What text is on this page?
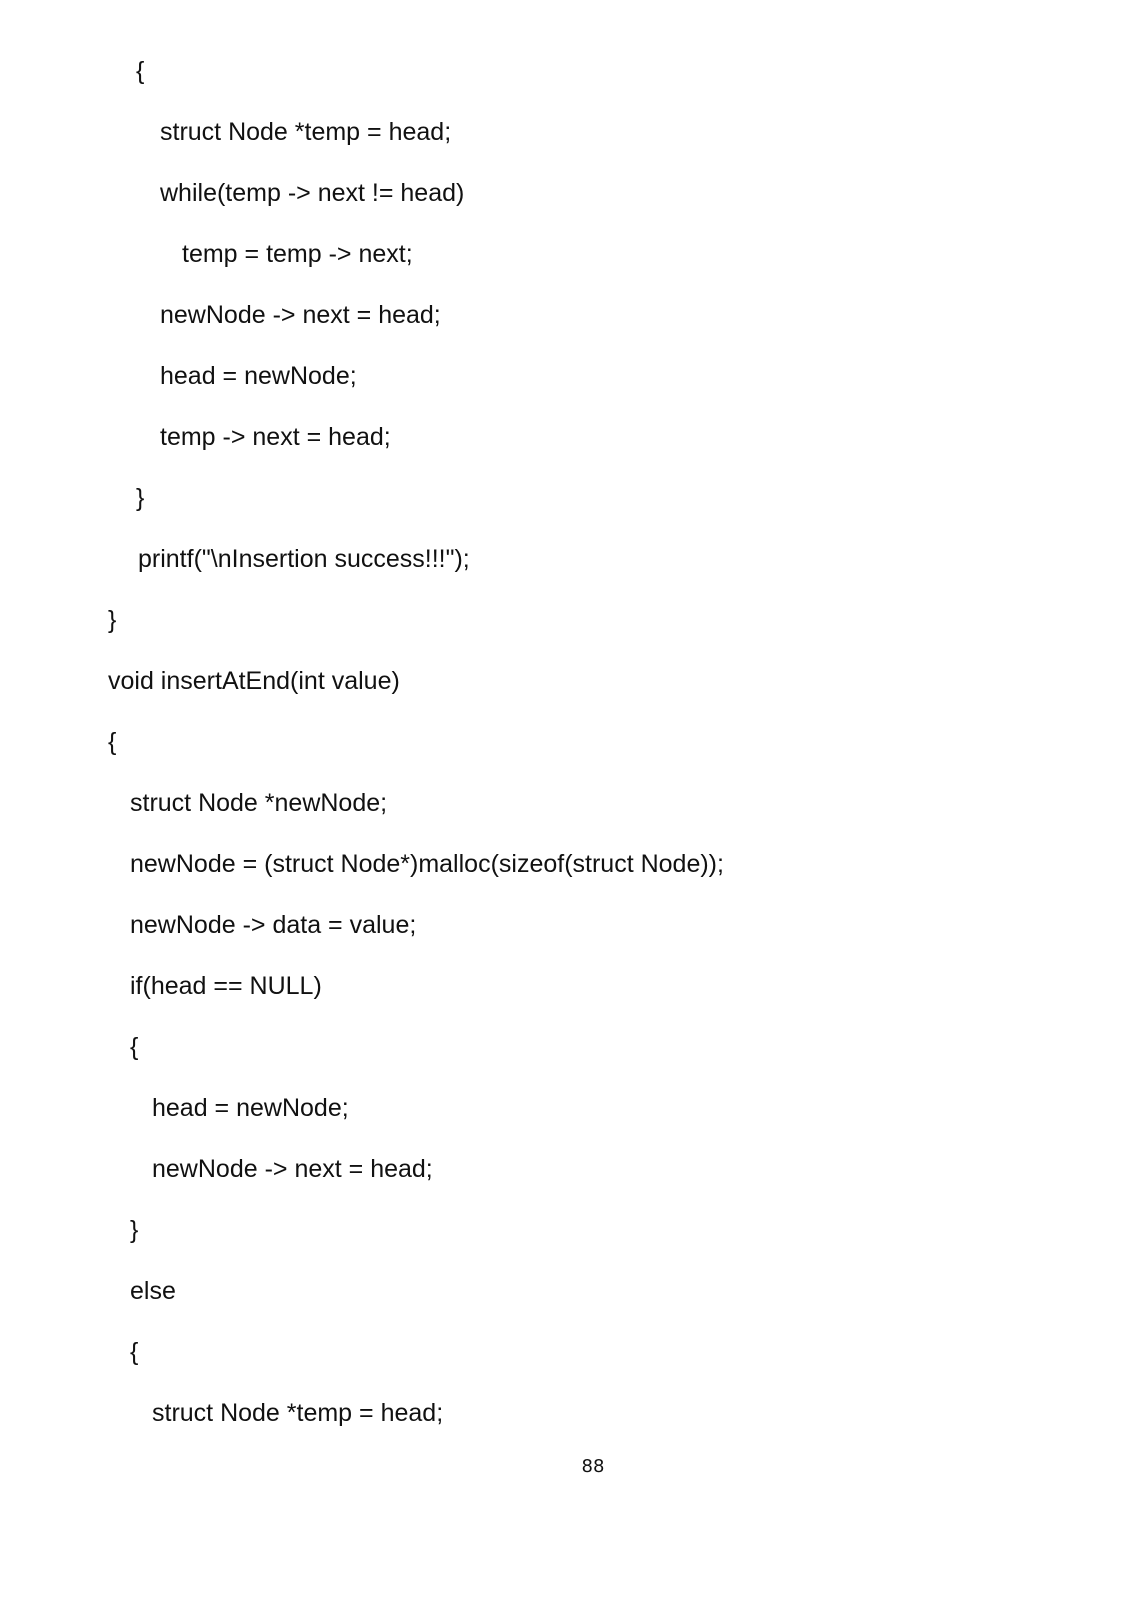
{
struct Node *temp = head;
while(temp -> next != head)
temp = temp -> next;
newNode -> next = head;
head = newNode;
temp -> next = head;
}
printf("\nInsertion success!!!");
}
void insertAtEnd(int value)
{
struct Node *newNode;
newNode = (struct Node*)malloc(sizeof(struct Node));
newNode -> data = value;
if(head == NULL)
{
head = newNode;
newNode -> next = head;
}
else
{
struct Node *temp = head;
88
